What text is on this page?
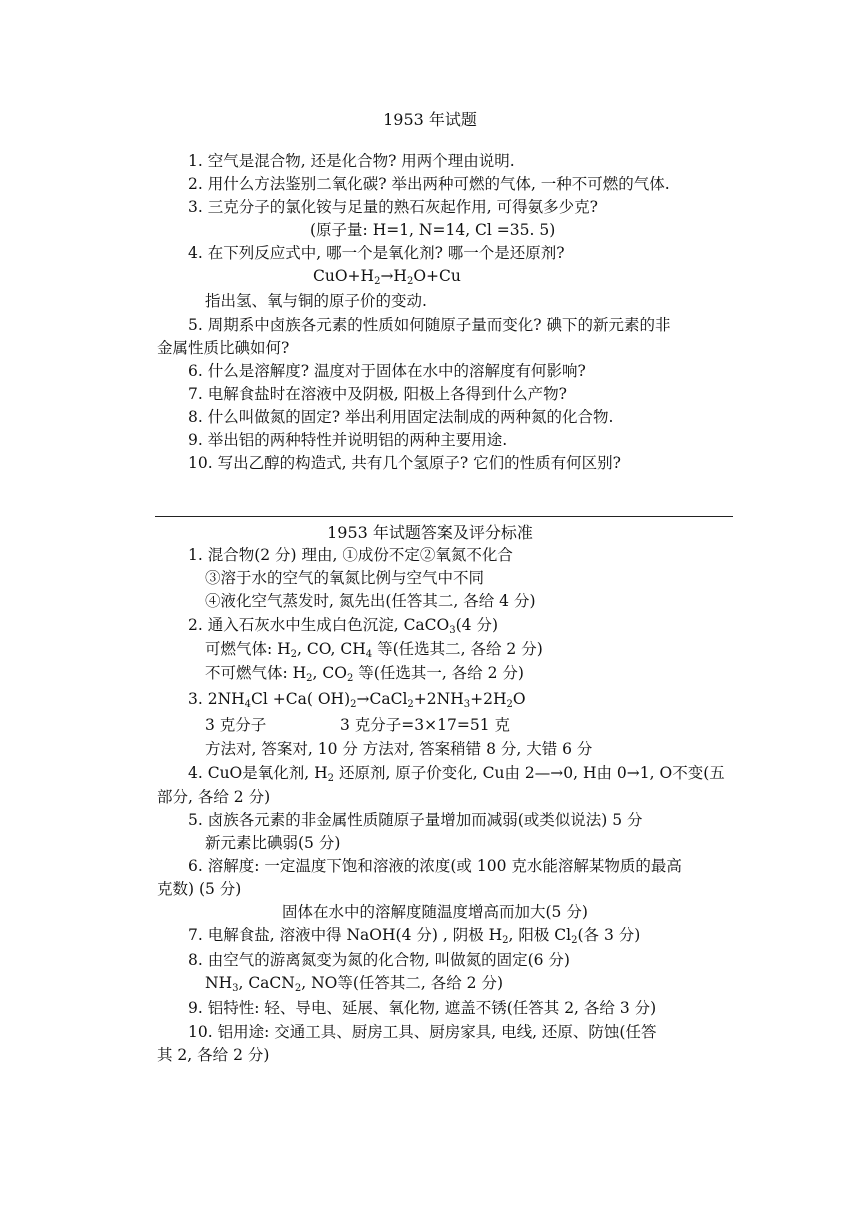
1953 年试题
1. 空气是混合物, 还是化合物? 用两个理由说明.
2. 用什么方法鉴别二氧化碳? 举出两种可燃的气体, 一种不可燃的气体.
3. 三克分子的氯化铵与足量的熟石灰起作用, 可得氨多少克?
(原子量: H=1, N=14, Cl =35. 5)
4. 在下列反应式中, 哪一个是氧化剂? 哪一个是还原剂?
$CuO+H_2\to H_2O+Cu$
指出氢、氧与铜的原子价的变动.
5. 周期系中卤族各元素的性质如何随原子量而变化? 碘下的新元素的非
金属性质比碘如何?
6. 什么是溶解度? 温度对于固体在水中的溶解度有何影响?
7. 电解食盐时在溶液中及阴极, 阳极上各得到什么产物?
8. 什么叫做氮的固定? 举出利用固定法制成的两种氮的化合物.
9. 举出铝的两种特性并说明铝的两种主要用途.
10. 写出乙醇的构造式, 共有几个氢原子? 它们的性质有何区别?
1953 年试题答案及评分标准
1. 混合物(2 分) 理由, ①成份不定②氧氮不化合
③溶于水的空气的氧氮比例与空气中不同
④液化空气蒸发时, 氮先出(任答其二, 各给 4 分)
2. 通入石灰水中生成白色沉淀, CaCO$_3$(4 分)
可燃气体: $H_2$, CO, $CH_4$ 等(任选其二, 各给 2 分)
不可燃气体: $H_2$, $CO_2$ 等(任选其一, 各给 2 分)
3. $2NH_4Cl +Ca$( $OH)_2\to CaCl_2+2NH_3+2H_2O$
3 克分子	3 克分子=3×17=51 克
方法对, 答案对, 10 分 方法对, 答案稍错 8 分, 大错 6 分
4. CuO是氧化剂, $H_2$ 还原剂, 原子价变化, Cu由 2—→0, H由 0→1, O不变(五
部分, 各给 2 分)
5. 卤族各元素的非金属性质随原子量增加而减弱(或类似说法) 5 分
新元素比碘弱(5 分)
6. 溶解度: 一定温度下饱和溶液的浓度(或 100 克水能溶解某物质的最高
克数) (5 分)
固体在水中的溶解度随温度增高而加大(5 分)
7. 电解食盐, 溶液中得 NaOH(4 分) , 阴极 $H_2$, 阳极 $Cl_2$(各 3 分)
8. 由空气的游离氮变为氮的化合物, 叫做氮的固定(6 分)
$NH_3$, CaCN$_2$, NO等(任答其二, 各给 2 分)
9. 铝特性: 轻、导电、延展、氧化物, 遮盖不锈(任答其 2, 各给 3 分)
10. 铝用途: 交通工具、厨房工具、厨房家具, 电线, 还原、防蚀(任答
其 2, 各给 2 分)
